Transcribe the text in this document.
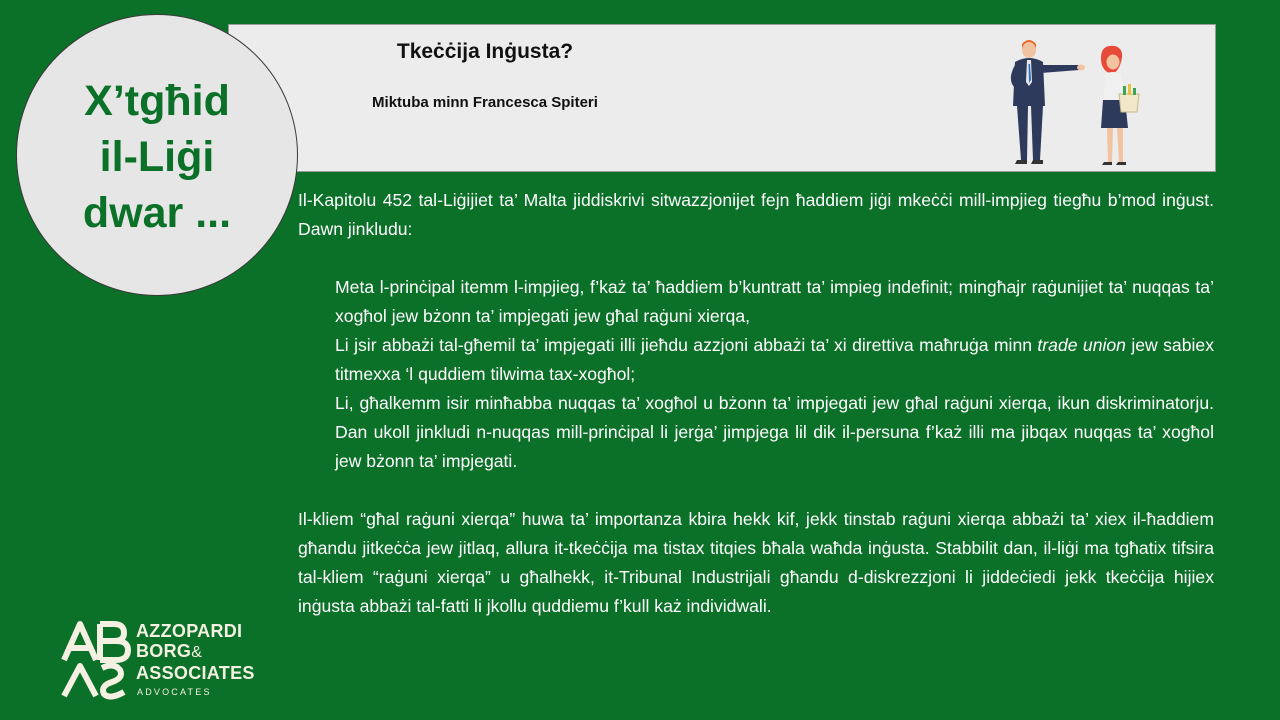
Tkeċċija Inġusta?
Miktuba minn Francesca Spiteri
X’tgħid
il-Liġi
dwar ...	Il-Kapitolu 452 tal-Liġijiet ta’ Malta jiddiskrivi sitwazzjonijet fejn ħaddiem jiġi mkeċċi mill-impjieg tiegħu b’mod inġust. Dawn jinkludu:

Meta l-prinċipal itemm l-impjieg, f’każ ta’ ħaddiem b’kuntratt ta’ impieg indefinit; mingħajr raġunijiet ta’ nuqqas ta’ xogħol jew bżonn ta’ impjegati jew għal raġuni xierqa,
Li jsir abbażi tal-għemil ta’ impjegati illi jieħdu azzjoni abbażi ta’ xi direttiva maħruġa minn trade union jew sabiex titmexxa ‘l quddiem tilwima tax-xogħol;
Li, għalkemm isir minħabba nuqqas ta’ xogħol u bżonn ta’ impjegati jew għal raġuni xierqa, ikun diskriminatorju. Dan ukoll jinkludi n-nuqqas mill-prinċipal li jerġa’ jimpjega lil dik il-persuna f’każ illi ma jibqax nuqqas ta’ xogħol jew bżonn ta’ impjegati.

Il-kliem “għal raġuni xierqa” huwa ta’ importanza kbira hekk kif, jekk tinstab raġuni xierqa abbażi ta’ xiex il-ħaddiem għandu jitkeċċa jew jitlaq, allura it-tkeċċija ma tistax titqies bħala waħda inġusta. Stabbilit dan, il-liġi ma tgħatix tifsira tal-kliem “raġuni xierqa” u għalhekk, it-Tribunal Industrijali għandu d-diskrezzjoni li jiddeċiedi jekk tkeċċija hijiex inġusta abbażi tal-fatti li jkollu quddiemu f’kull każ individwali.

AZZOPARDI
BORG&
ASSOCIATES
ADVOCATES
